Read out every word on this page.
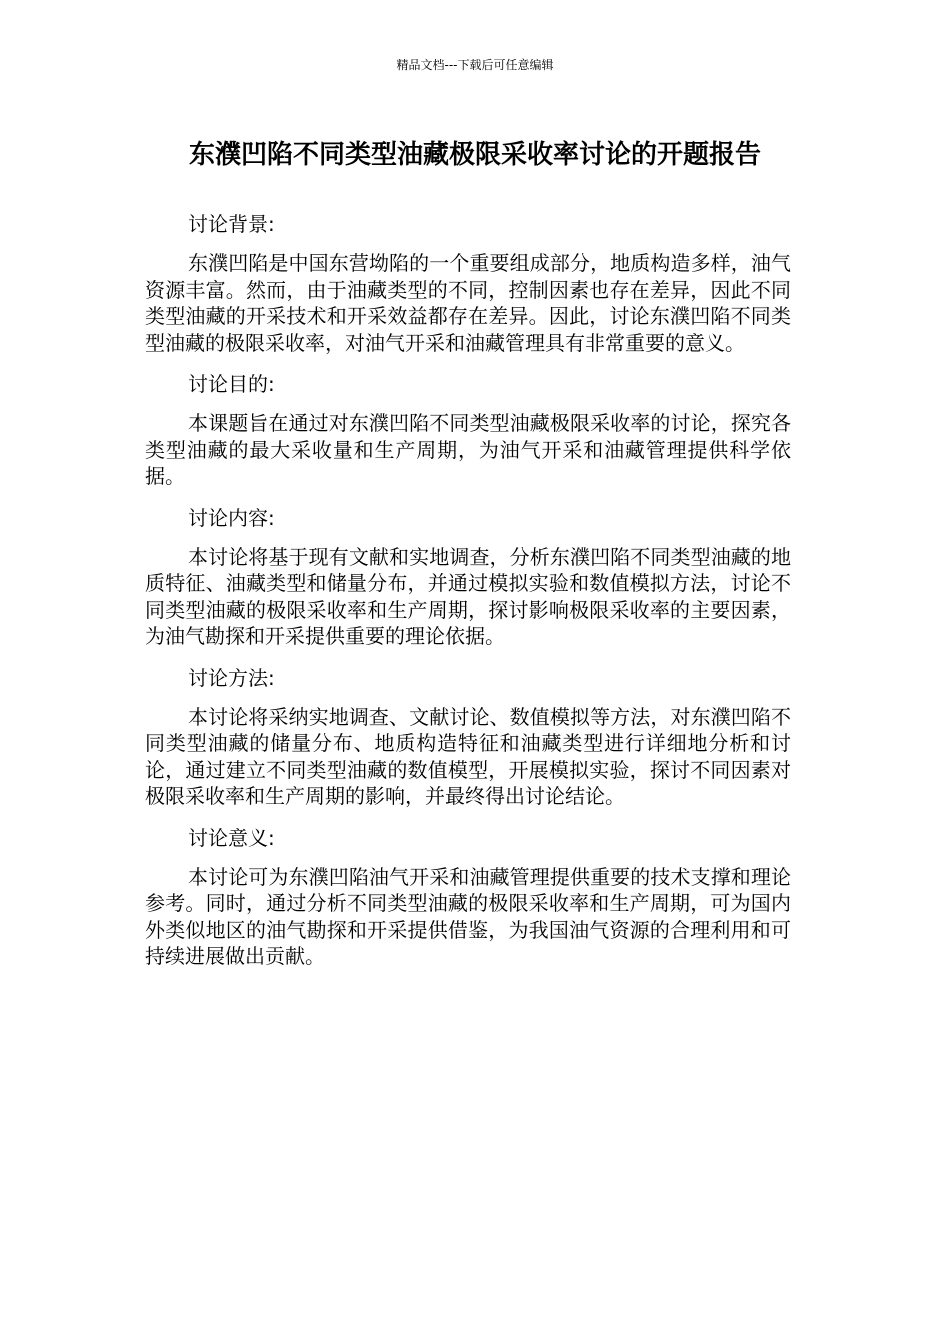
精品文档---下载后可任意编辑
东濮凹陷不同类型油藏极限采收率讨论的开题报告

讨论背景:

东濮凹陷是中国东营坳陷的一个重要组成部分，地质构造多样，油气资源丰富。然而，由于油藏类型的不同，控制因素也存在差异，因此不同类型油藏的开采技术和开采效益都存在差异。因此，讨论东濮凹陷不同类型油藏的极限采收率，对油气开采和油藏管理具有非常重要的意义。

讨论目的:

本课题旨在通过对东濮凹陷不同类型油藏极限采收率的讨论，探究各类型油藏的最大采收量和生产周期，为油气开采和油藏管理提供科学依据。

讨论内容:

本讨论将基于现有文献和实地调查，分析东濮凹陷不同类型油藏的地质特征、油藏类型和储量分布，并通过模拟实验和数值模拟方法，讨论不同类型油藏的极限采收率和生产周期，探讨影响极限采收率的主要因素，为油气勘探和开采提供重要的理论依据。

讨论方法:

本讨论将采纳实地调查、文献讨论、数值模拟等方法，对东濮凹陷不同类型油藏的储量分布、地质构造特征和油藏类型进行详细地分析和讨论，通过建立不同类型油藏的数值模型，开展模拟实验，探讨不同因素对极限采收率和生产周期的影响，并最终得出讨论结论。

讨论意义:

本讨论可为东濮凹陷油气开采和油藏管理提供重要的技术支撑和理论参考。同时，通过分析不同类型油藏的极限采收率和生产周期，可为国内外类似地区的油气勘探和开采提供借鉴，为我国油气资源的合理利用和可持续进展做出贡献。
